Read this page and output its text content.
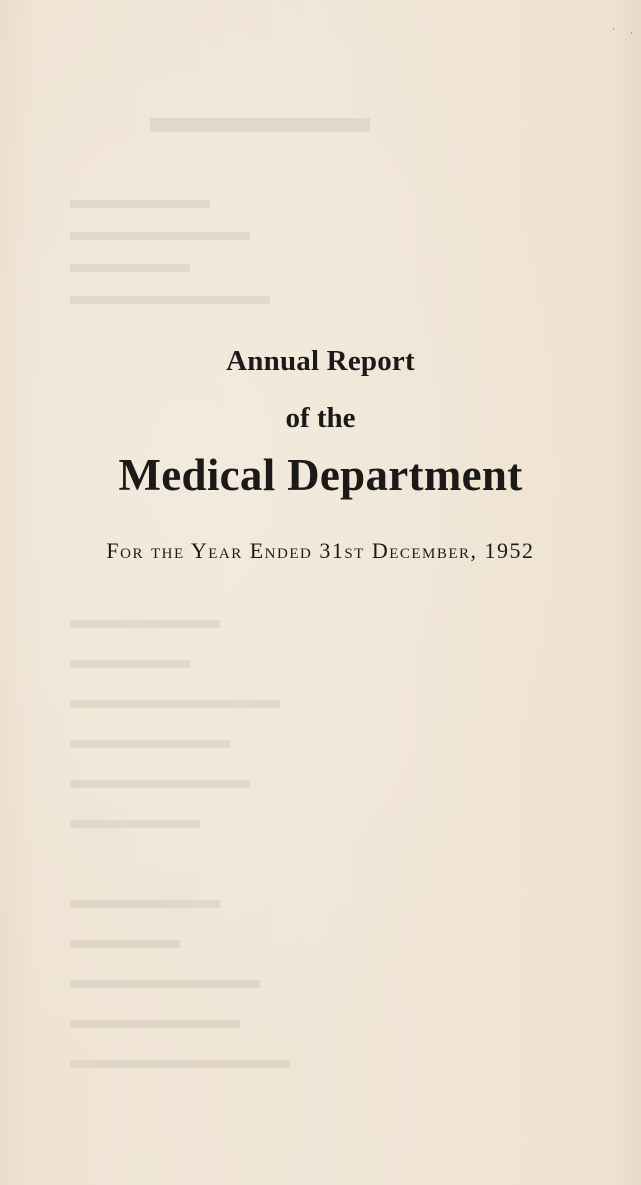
· ·
Annual Report
of the
Medical Department
For the Year Ended 31st December, 1952
